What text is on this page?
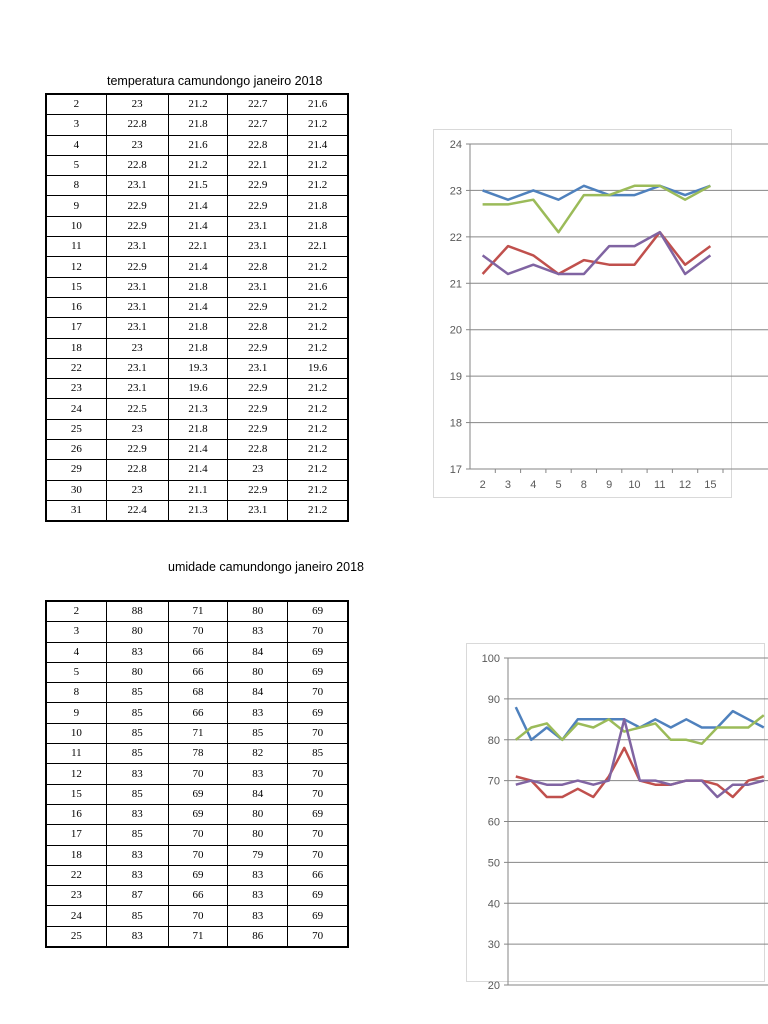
temperatura camundongo janeiro 2018
2	23	21.2	22.7	21.6
3	22.8	21.8	22.7	21.2
4	23	21.6	22.8	21.4
5	22.8	21.2	22.1	21.2
8	23.1	21.5	22.9	21.2
9	22.9	21.4	22.9	21.8
10	22.9	21.4	23.1	21.8
11	23.1	22.1	23.1	22.1
12	22.9	21.4	22.8	21.2
15	23.1	21.8	23.1	21.6
16	23.1	21.4	22.9	21.2
17	23.1	21.8	22.8	21.2
18	23	21.8	22.9	21.2
22	23.1	19.3	23.1	19.6
23	23.1	19.6	22.9	21.2
24	22.5	21.3	22.9	21.2
25	23	21.8	22.9	21.2
26	22.9	21.4	22.8	21.2
29	22.8	21.4	23	21.2
30	23	21.1	22.9	21.2
31	22.4	21.3	23.1	21.2
17
18
19
20
21
22
23
24
2 3 4 5 8 9 10 11 12 15
umidade camundongo janeiro 2018
2	88	71	80	69
3	80	70	83	70
4	83	66	84	69
5	80	66	80	69
8	85	68	84	70
9	85	66	83	69
10	85	71	85	70
11	85	78	82	85
12	83	70	83	70
15	85	69	84	70
16	83	69	80	69
17	85	70	80	70
18	83	70	79	70
22	83	69	83	66
23	87	66	83	69
24	85	70	83	69
25	83	71	86	70
20
30
40
50
60
70
80
90
100
